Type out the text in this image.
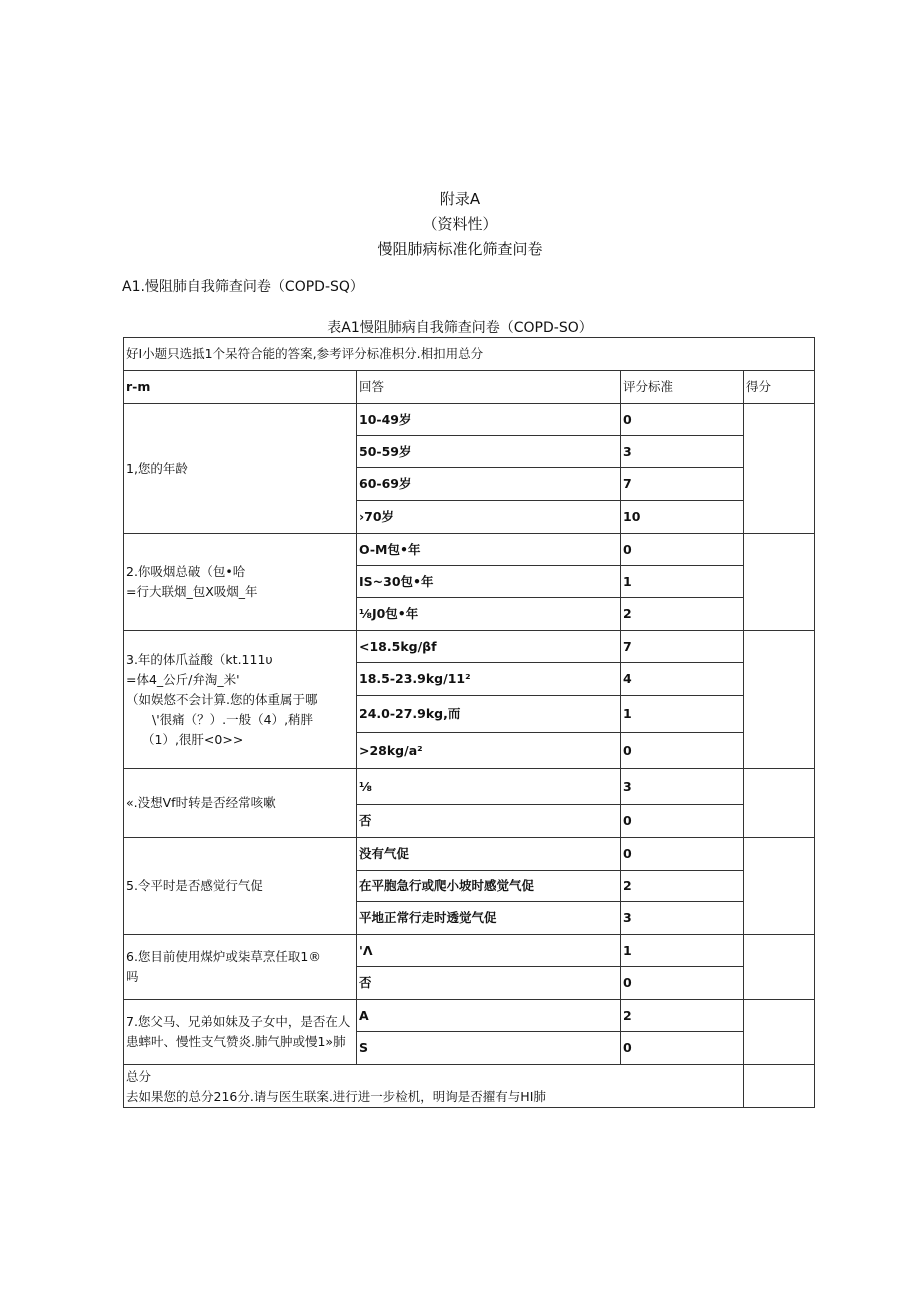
附录A
（资料性）
慢阻肺病标准化筛查问卷
A1.慢阻肺自我筛查问卷（COPD-SQ）
表A1慢阻肺病自我筛查问卷（COPD-SO）
好I小题只选抵1个呆符合能的答案,参考评分标准枳分.相扣用总分
r-m	回答	评分标准	得分
1,您的年龄
10-49岁	0
50-59岁	3
60-69岁	7
›70岁	10
2.你吸烟总破（包•哈
=行大联烟_包X吸烟_年
O-M包•年	0
IS~30包•年	1
⅛J0包•年	2
3.年的体爪益酸（kt.111υ
=体4_公斤/弁淘_米'
（如娱悠不会计算.您的体重属于哪
\'很痛（？）.一般（4）,稍胖
（1）,很肝<0>>
<18.5kg/βf	7
18.5-23.9kg/11²	4
24.0-27.9kg,而	1
>28kg/a²	0
«.没想Vf时转是否经常咳嗽
⅛	3
否	0
5.令平时是否感觉行气促
没有气促	0
在平胞急行或爬小坡时感觉气促	2
平地正常行走时透觉气促	3
6.您目前使用煤炉或柒草烹任取1®
吗
'Λ	1
否	0
7.您父马、兄弟如妹及子女中，是否在人
患蟀叶、慢性支气赞炎.肺气肿或慢1»肺
A	2
S	0
总分
去如果您的总分216分.请与医生联案.进行进一步检机，明询是否擢有与HI肺
